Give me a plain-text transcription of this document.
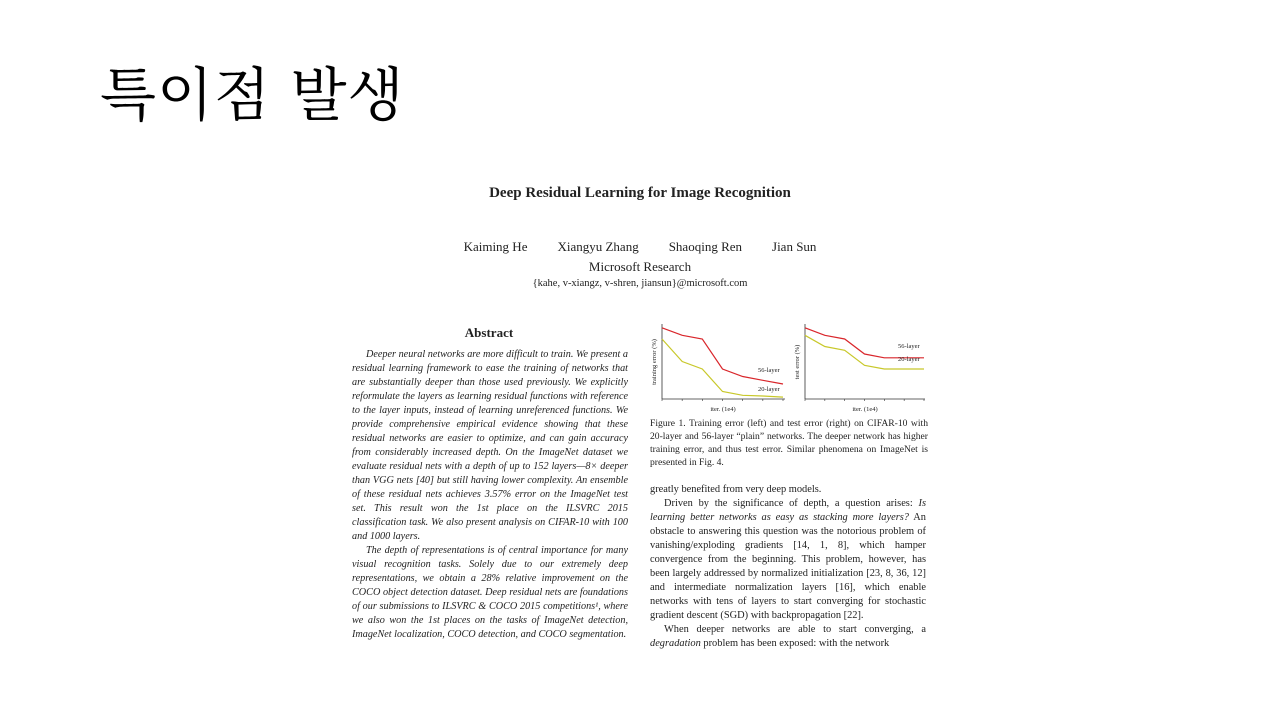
특이점 발생
Deep Residual Learning for Image Recognition
Kaiming He Xiangyu Zhang Shaoqing Ren Jian Sun
Microsoft Research
{kahe, v-xiangz, v-shren, jiansun}@microsoft.com
Abstract

Deeper neural networks are more difficult to train. We present a residual learning framework to ease the training of networks that are substantially deeper than those used previously. We explicitly reformulate the layers as learning residual functions with reference to the layer inputs, instead of learning unreferenced functions. We provide comprehensive empirical evidence showing that these residual networks are easier to optimize, and can gain accuracy from considerably increased depth. On the ImageNet dataset we evaluate residual nets with a depth of up to 152 layers—8× deeper than VGG nets [40] but still having lower complexity. An ensemble of these residual nets achieves 3.57% error on the ImageNet test set. This result won the 1st place on the ILSVRC 2015 classification task. We also present analysis on CIFAR-10 with 100 and 1000 layers.

The depth of representations is of central importance for many visual recognition tasks. Solely due to our extremely deep representations, we obtain a 28% relative improvement on the COCO object detection dataset. Deep residual nets are foundations of our submissions to ILSVRC & COCO 2015 competitions¹, where we also won the 1st places on the tasks of ImageNet detection, ImageNet localization, COCO detection, and COCO segmentation.

training error (%)
iter. (1e4)
56-layer
20-layer
test error (%)
iter. (1e4)
56-layer
20-layer
Figure 1. Training error (left) and test error (right) on CIFAR-10 with 20-layer and 56-layer “plain” networks. The deeper network has higher training error, and thus test error. Similar phenomena on ImageNet is presented in Fig. 4.

greatly benefited from very deep models.

Driven by the significance of depth, a question arises: Is learning better networks as easy as stacking more layers? An obstacle to answering this question was the notorious problem of vanishing/exploding gradients [14, 1, 8], which hamper convergence from the beginning. This problem, however, has been largely addressed by normalized initialization [23, 8, 36, 12] and intermediate normalization layers [16], which enable networks with tens of layers to start converging for stochastic gradient descent (SGD) with backpropagation [22].

When deeper networks are able to start converging, a degradation problem has been exposed: with the network
